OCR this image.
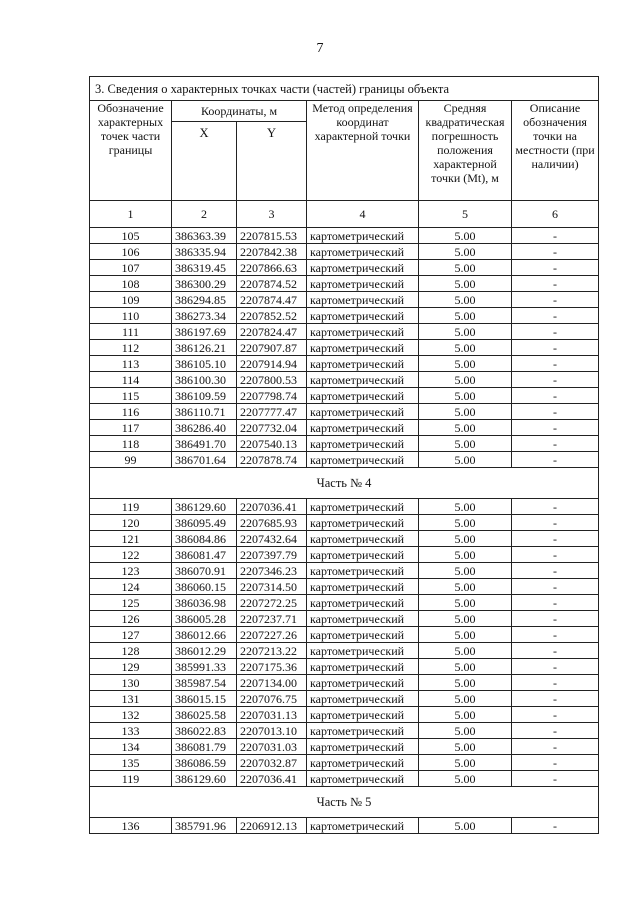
7
3. Сведения о характерных точках части (частей) границы объекта					
Обозначение характерных точек части границы	Координаты, м		Метод определения координат характерной точки	Средняя квадратическая погрешность положения характерной точки (Mt), м	Описание обозначения точки на местности (при наличии)
	X	Y			
1	2	3	4	5	6
105	386363.39	2207815.53	картометрический	5.00	-
106	386335.94	2207842.38	картометрический	5.00	-
107	386319.45	2207866.63	картометрический	5.00	-
108	386300.29	2207874.52	картометрический	5.00	-
109	386294.85	2207874.47	картометрический	5.00	-
110	386273.34	2207852.52	картометрический	5.00	-
111	386197.69	2207824.47	картометрический	5.00	-
112	386126.21	2207907.87	картометрический	5.00	-
113	386105.10	2207914.94	картометрический	5.00	-
114	386100.30	2207800.53	картометрический	5.00	-
115	386109.59	2207798.74	картометрический	5.00	-
116	386110.71	2207777.47	картометрический	5.00	-
117	386286.40	2207732.04	картометрический	5.00	-
118	386491.70	2207540.13	картометрический	5.00	-
99	386701.64	2207878.74	картометрический	5.00	-
Часть № 4					
119	386129.60	2207036.41	картометрический	5.00	-
120	386095.49	2207685.93	картометрический	5.00	-
121	386084.86	2207432.64	картометрический	5.00	-
122	386081.47	2207397.79	картометрический	5.00	-
123	386070.91	2207346.23	картометрический	5.00	-
124	386060.15	2207314.50	картометрический	5.00	-
125	386036.98	2207272.25	картометрический	5.00	-
126	386005.28	2207237.71	картометрический	5.00	-
127	386012.66	2207227.26	картометрический	5.00	-
128	386012.29	2207213.22	картометрический	5.00	-
129	385991.33	2207175.36	картометрический	5.00	-
130	385987.54	2207134.00	картометрический	5.00	-
131	386015.15	2207076.75	картометрический	5.00	-
132	386025.58	2207031.13	картометрический	5.00	-
133	386022.83	2207013.10	картометрический	5.00	-
134	386081.79	2207031.03	картометрический	5.00	-
135	386086.59	2207032.87	картометрический	5.00	-
119	386129.60	2207036.41	картометрический	5.00	-
Часть № 5					
136	385791.96	2206912.13	картометрический	5.00	-
